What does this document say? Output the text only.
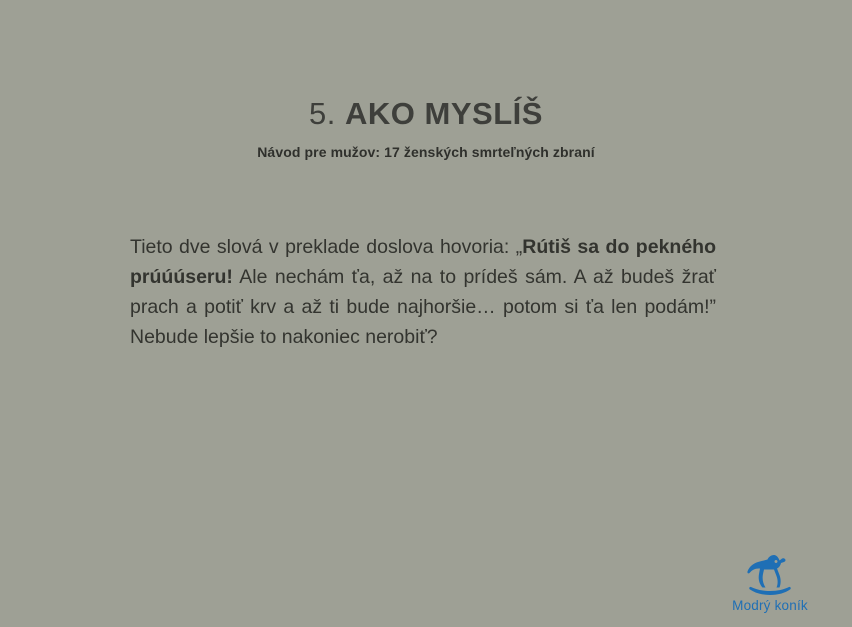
5. AKO MYSLÍŠ
Návod pre mužov: 17 ženských smrteľných zbraní

Tieto dve slová v preklade doslova hovoria: „Rútiš sa do pekného prúúúseru! Ale nechám ťa, až na to prídeš sám. A až budeš žrať prach a potiť krv a až ti bude najhoršie… potom si ťa len podám!” Nebude lepšie to nakoniec nerobiť?

Modrý koník
